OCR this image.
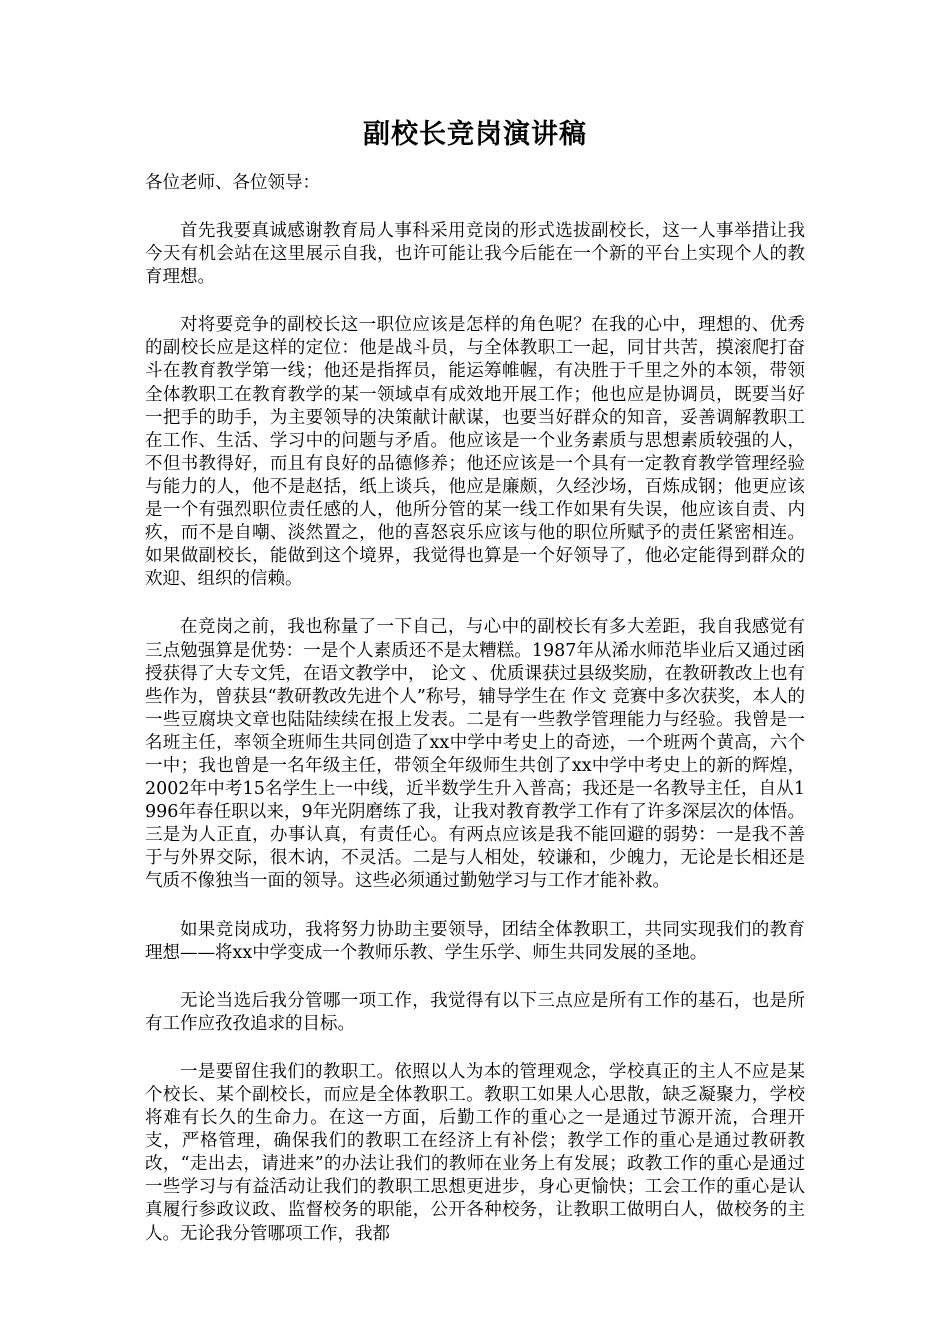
副校长竞岗演讲稿
各位老师、各位领导：

首先我要真诚感谢教育局人事科采用竞岗的形式选拔副校长，这一人事举措让我今天有机会站在这里展示自我，也许可能让我今后能在一个新的平台上实现个人的教育理想。

对将要竞争的副校长这一职位应该是怎样的角色呢？在我的心中，理想的、优秀的副校长应是这样的定位：他是战斗员，与全体教职工一起，同甘共苦，摸滚爬打奋斗在教育教学第一线；他还是指挥员，能运筹帷幄，有决胜于千里之外的本领，带领全体教职工在教育教学的某一领域卓有成效地开展工作；他也应是协调员，既要当好一把手的助手，为主要领导的决策献计献谋，也要当好群众的知音，妥善调解教职工在工作、生活、学习中的问题与矛盾。他应该是一个业务素质与思想素质较强的人，不但书教得好，而且有良好的品德修养；他还应该是一个具有一定教育教学管理经验与能力的人，他不是赵括，纸上谈兵，他应是廉颇，久经沙场，百炼成钢；他更应该是一个有强烈职位责任感的人，他所分管的某一线工作如果有失误，他应该自责、内疚，而不是自嘲、淡然置之，他的喜怒哀乐应该与他的职位所赋予的责任紧密相连。如果做副校长，能做到这个境界，我觉得也算是一个好领导了，他必定能得到群众的欢迎、组织的信赖。

在竞岗之前，我也称量了一下自己，与心中的副校长有多大差距，我自我感觉有三点勉强算是优势：一是个人素质还不是太糟糕。1987年从浠水师范毕业后又通过函授获得了大专文凭，在语文教学中， 论文 、优质课获过县级奖励，在教研教改上也有些作为，曾获县“教研教改先进个人”称号，辅导学生在 作文 竞赛中多次获奖，本人的一些豆腐块文章也陆陆续续在报上发表。二是有一些教学管理能力与经验。我曾是一名班主任，率领全班师生共同创造了xx中学中考史上的奇迹，一个班两个黄高，六个一中；我也曾是一名年级主任，带领全年级师生共创了xx中学中考史上的新的辉煌，2002年中考15名学生上一中线，近半数学生升入普高；我还是一名教导主任，自从1996年春任职以来，9年光阴磨练了我，让我对教育教学工作有了许多深层次的体悟。三是为人正直，办事认真，有责任心。有两点应该是我不能回避的弱势：一是我不善于与外界交际，很木讷，不灵活。二是与人相处，较谦和，少魄力，无论是长相还是气质不像独当一面的领导。这些必须通过勤勉学习与工作才能补救。

如果竞岗成功，我将努力协助主要领导，团结全体教职工，共同实现我们的教育理想——将xx中学变成一个教师乐教、学生乐学、师生共同发展的圣地。

无论当选后我分管哪一项工作，我觉得有以下三点应是所有工作的基石，也是所有工作应孜孜追求的目标。

一是要留住我们的教职工。依照以人为本的管理观念，学校真正的主人不应是某个校长、某个副校长，而应是全体教职工。教职工如果人心思散，缺乏凝聚力，学校将难有长久的生命力。在这一方面，后勤工作的重心之一是通过节源开流，合理开支，严格管理，确保我们的教职工在经济上有补偿；教学工作的重心是通过教研教改，“走出去，请进来”的办法让我们的教师在业务上有发展；政教工作的重心是通过一些学习与有益活动让我们的教职工思想更进步，身心更愉快；工会工作的重心是认真履行参政议政、监督校务的职能，公开各种校务，让教职工做明白人，做校务的主人。无论我分管哪项工作，我都
